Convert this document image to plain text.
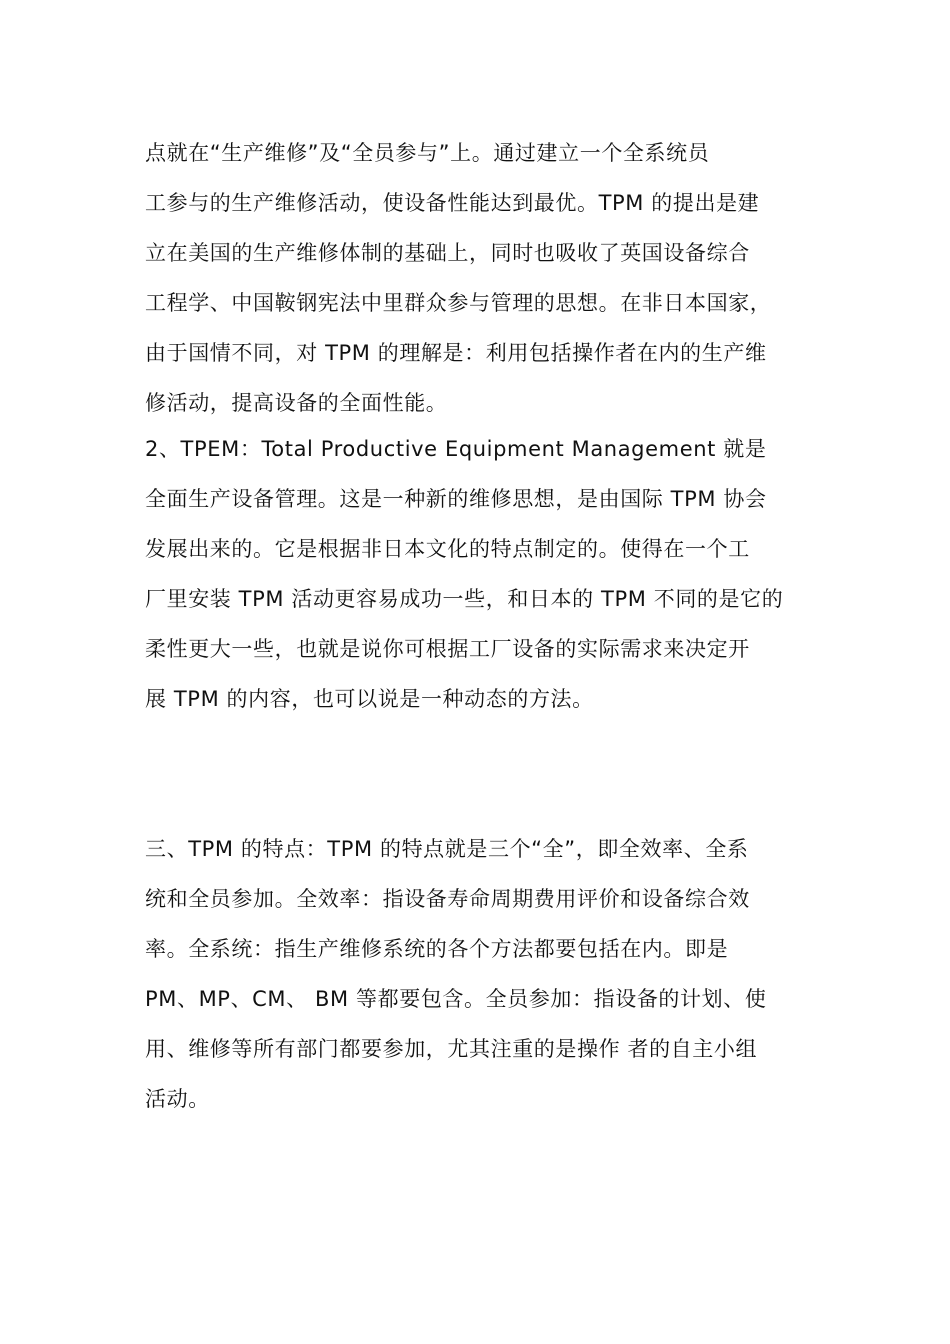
点就在“生产维修”及“全员参与”上。通过建立一个全系统员
工参与的生产维修活动，使设备性能达到最优。TPM 的提出是建
立在美国的生产维修体制的基础上，同时也吸收了英国设备综合
工程学、中国鞍钢宪法中里群众参与管理的思想。在非日本国家，
由于国情不同，对 TPM 的理解是：利用包括操作者在内的生产维
修活动，提高设备的全面性能。
2、TPEM：Total Productive Equipment Management 就是
全面生产设备管理。这是一种新的维修思想，是由国际 TPM 协会
发展出来的。它是根据非日本文化的特点制定的。使得在一个工
厂里安装 TPM 活动更容易成功一些，和日本的 TPM 不同的是它的
柔性更大一些，也就是说你可根据工厂设备的实际需求来决定开
展 TPM 的内容，也可以说是一种动态的方法。
三、TPM 的特点：TPM 的特点就是三个“全”，即全效率、全系
统和全员参加。全效率：指设备寿命周期费用评价和设备综合效
率。全系统：指生产维修系统的各个方法都要包括在内。即是
PM、MP、CM、 BM 等都要包含。全员参加：指设备的计划、使
用、维修等所有部门都要参加，尤其注重的是操作 者的自主小组
活动。
